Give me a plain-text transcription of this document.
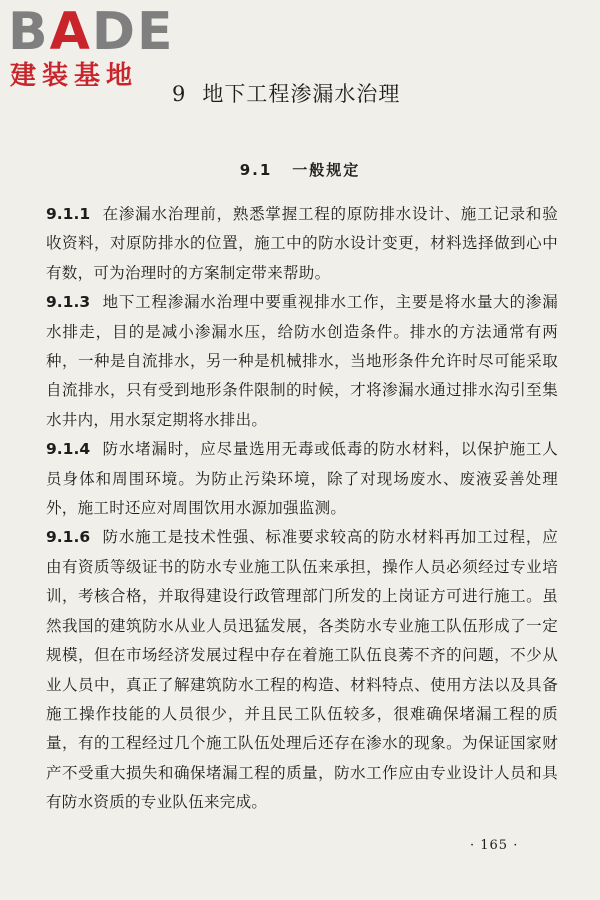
BADE
建装基地
9 地下工程渗漏水治理
9.1 一般规定

9.1.1 在渗漏水治理前，熟悉掌握工程的原防排水设计、施工记录和验收资料，对原防排水的位置，施工中的防水设计变更，材料选择做到心中有数，可为治理时的方案制定带来帮助。

9.1.3 地下工程渗漏水治理中要重视排水工作，主要是将水量大的渗漏水排走，目的是减小渗漏水压，给防水创造条件。排水的方法通常有两种，一种是自流排水，另一种是机械排水，当地形条件允许时尽可能采取自流排水，只有受到地形条件限制的时候，才将渗漏水通过排水沟引至集水井内，用水泵定期将水排出。

9.1.4 防水堵漏时，应尽量选用无毒或低毒的防水材料，以保护施工人员身体和周围环境。为防止污染环境，除了对现场废水、废液妥善处理外，施工时还应对周围饮用水源加强监测。

9.1.6 防水施工是技术性强、标准要求较高的防水材料再加工过程，应由有资质等级证书的防水专业施工队伍来承担，操作人员必须经过专业培训，考核合格，并取得建设行政管理部门所发的上岗证方可进行施工。虽然我国的建筑防水从业人员迅猛发展，各类防水专业施工队伍形成了一定规模，但在市场经济发展过程中存在着施工队伍良莠不齐的问题，不少从业人员中，真正了解建筑防水工程的构造、材料特点、使用方法以及具备施工操作技能的人员很少，并且民工队伍较多，很难确保堵漏工程的质量，有的工程经过几个施工队伍处理后还存在渗水的现象。为保证国家财产不受重大损失和确保堵漏工程的质量，防水工作应由专业设计人员和具有防水资质的专业队伍来完成。

· 165 ·
